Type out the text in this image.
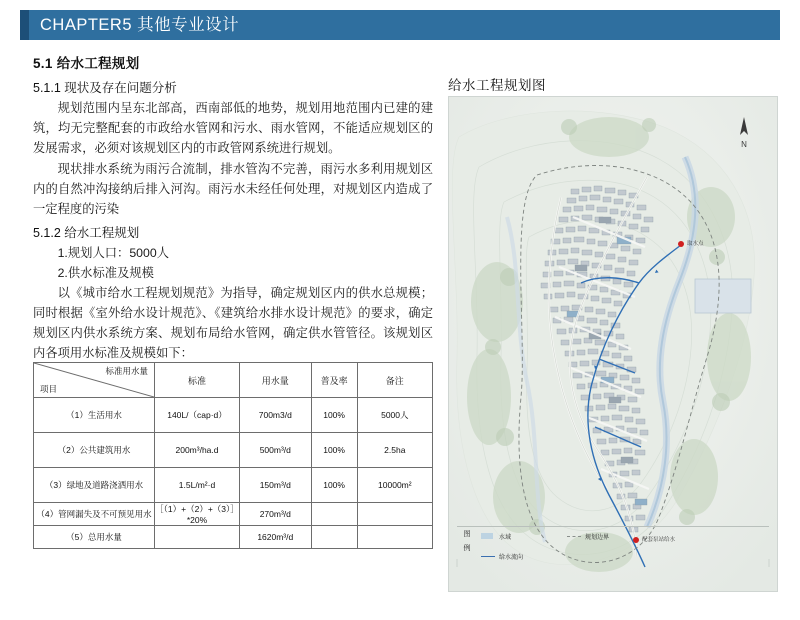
CHAPTER5 其他专业设计
5.1 给水工程规划
5.1.1 现状及存在问题分析

规划范围内呈东北部高，西南部低的地势，规划用地范围内已建的建筑，均无完整配套的市政给水管网和污水、雨水管网，不能适应规划区的发展需求，必须对该规划区内的市政管网系统进行规划。

现状排水系统为雨污合流制，排水管沟不完善，雨污水多利用规划区内的自然冲沟接纳后排入河沟。雨污水未经任何处理，对规划区内造成了一定程度的污染

5.1.2 给水工程规划

1.规划人口：5000人

2.供水标准及规模

以《城市给水工程规划规范》为指导，确定规划区内的供水总规模；同时根据《室外给水设计规范》、《建筑给水排水设计规范》的要求，确定规划区内供水系统方案、规划布局给水管网，确定供水管管径。该规划区内各项用水标准及规模如下：

标准用水量
项目	标准	用水量	普及率	备注
（1）生活用水	140L/（cap·d）	700m3/d	100%	5000人
（2）公共建筑用水	200m³/ha.d	500m³/d	100%	2.5ha
（3）绿地及道路浇洒用水	1.5L/m²·d	150m³/d	100%	10000m²
（4）管网漏失及不可预见用水	［（1）+（2）+（3）］*20%	270m³/d		
（5）总用水量		1620m³/d		
给水工程规划图
N
取水点
配套泵站给水
图
例
水域	规划边界
给水流向
